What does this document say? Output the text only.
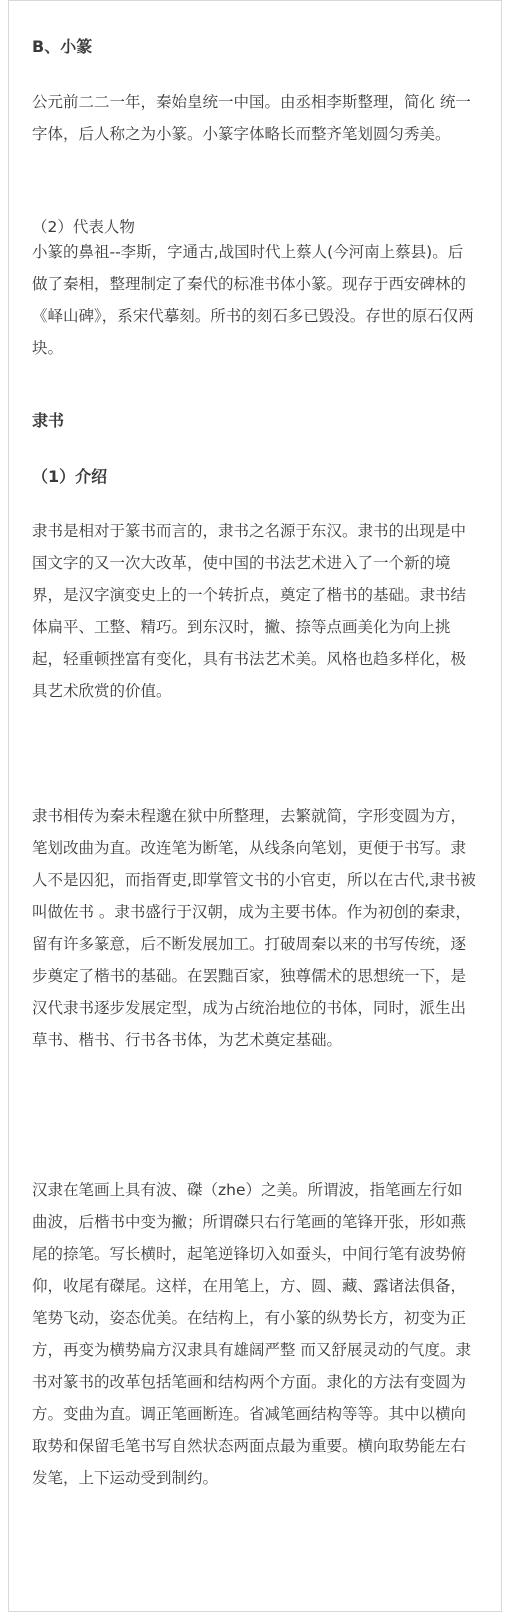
B、小篆

公元前二二一年，秦始皇统一中国。由丞相李斯整理，简化 统一字体，后人称之为小篆。小篆字体略长而整齐笔划圆匀秀美。

（2）代表人物

小篆的鼻祖--李斯，字通古,战国时代上蔡人(今河南上蔡县)。后做了秦相，整理制定了秦代的标准书体小篆。现存于西安碑林的《峄山碑》，系宋代摹刻。所书的刻石多已毁没。存世的原石仅两块。

隶书
（1）介绍

隶书是相对于篆书而言的，隶书之名源于东汉。隶书的出现是中国文字的又一次大改革，使中国的书法艺术进入了一个新的境界，是汉字演变史上的一个转折点，奠定了楷书的基础。隶书结体扁平、工整、精巧。到东汉时，撇、捺等点画美化为向上挑起，轻重顿挫富有变化，具有书法艺术美。风格也趋多样化，极具艺术欣赏的价值。

隶书相传为秦未程邈在狱中所整理，去繁就简，字形变圆为方，笔划改曲为直。改连笔为断笔，从线条向笔划，更便于书写。隶人不是囚犯，而指胥吏,即掌管文书的小官吏，所以在古代,隶书被叫做佐书 。隶书盛行于汉朝，成为主要书体。作为初创的秦隶，留有许多篆意，后不断发展加工。打破周秦以来的书写传统，逐步奠定了楷书的基础。在罢黜百家，独尊儒术的思想统一下，是汉代隶书逐步发展定型，成为占统治地位的书体，同时，派生出草书、楷书、行书各书体，为艺术奠定基础。

汉隶在笔画上具有波、磔（zhe）之美。所谓波，指笔画左行如曲波，后楷书中变为撇；所谓磔只右行笔画的笔锋开张，形如燕尾的捺笔。写长横时，起笔逆锋切入如蚕头，中间行笔有波势俯仰，收尾有磔尾。这样，在用笔上，方、圆、藏、露诸法俱备，笔势飞动，姿态优美。在结构上，有小篆的纵势长方，初变为正方，再变为横势扁方汉隶具有雄阔严整 而又舒展灵动的气度。隶书对篆书的改革包括笔画和结构两个方面。隶化的方法有变圆为方。变曲为直。调正笔画断连。省减笔画结构等等。其中以横向取势和保留毛笔书写自然状态两面点最为重要。横向取势能左右发笔，上下运动受到制约。
